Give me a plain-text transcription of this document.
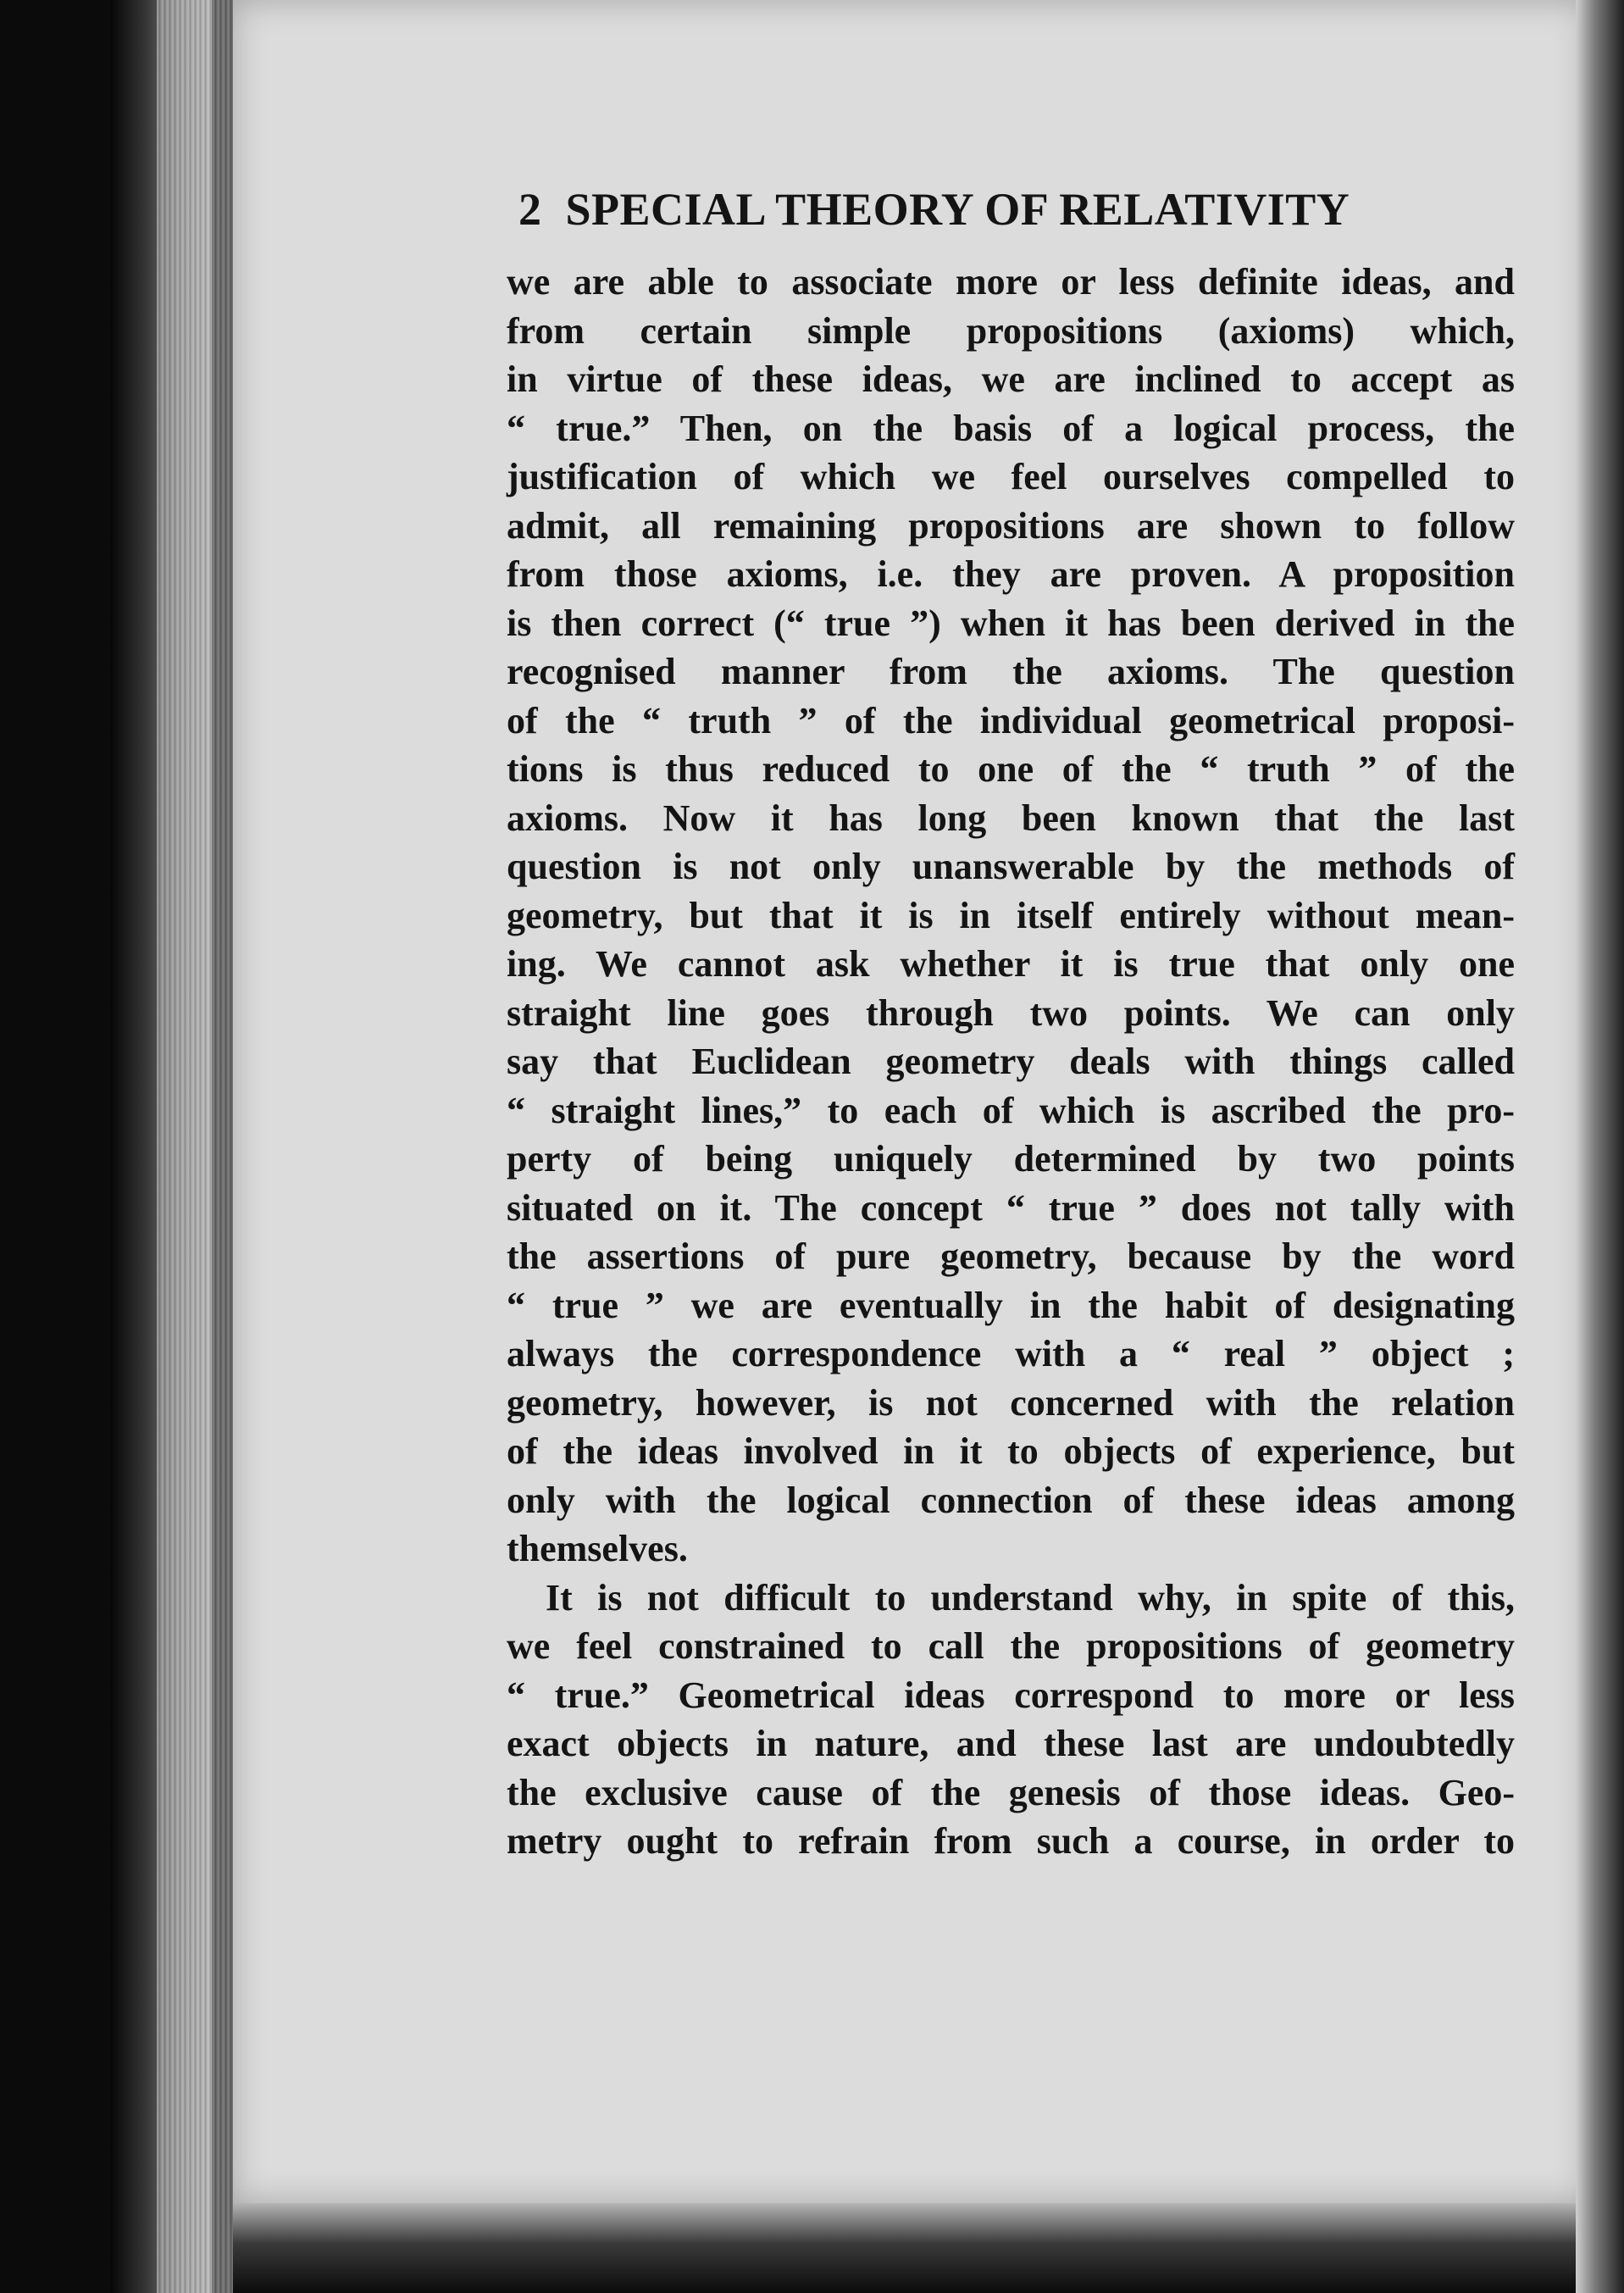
2 SPECIAL THEORY OF RELATIVITY
we are able to associate more or less definite ideas, and
from certain simple propositions (axioms) which,
in virtue of these ideas, we are inclined to accept as
“ true.” Then, on the basis of a logical process, the
justification of which we feel ourselves compelled to
admit, all remaining propositions are shown to follow
from those axioms, i.e. they are proven. A proposition
is then correct (“ true ”) when it has been derived in the
recognised manner from the axioms. The question
of the “ truth ” of the individual geometrical proposi-
tions is thus reduced to one of the “ truth ” of the
axioms. Now it has long been known that the last
question is not only unanswerable by the methods of
geometry, but that it is in itself entirely without mean-
ing. We cannot ask whether it is true that only one
straight line goes through two points. We can only
say that Euclidean geometry deals with things called
“ straight lines,” to each of which is ascribed the pro-
perty of being uniquely determined by two points
situated on it. The concept “ true ” does not tally with
the assertions of pure geometry, because by the word
“ true ” we are eventually in the habit of designating
always the correspondence with a “ real ” object ;
geometry, however, is not concerned with the relation
of the ideas involved in it to objects of experience, but
only with the logical connection of these ideas among
themselves.
It is not difficult to understand why, in spite of this,
we feel constrained to call the propositions of geometry
“ true.” Geometrical ideas correspond to more or less
exact objects in nature, and these last are undoubtedly
the exclusive cause of the genesis of those ideas. Geo-
metry ought to refrain from such a course, in order to
